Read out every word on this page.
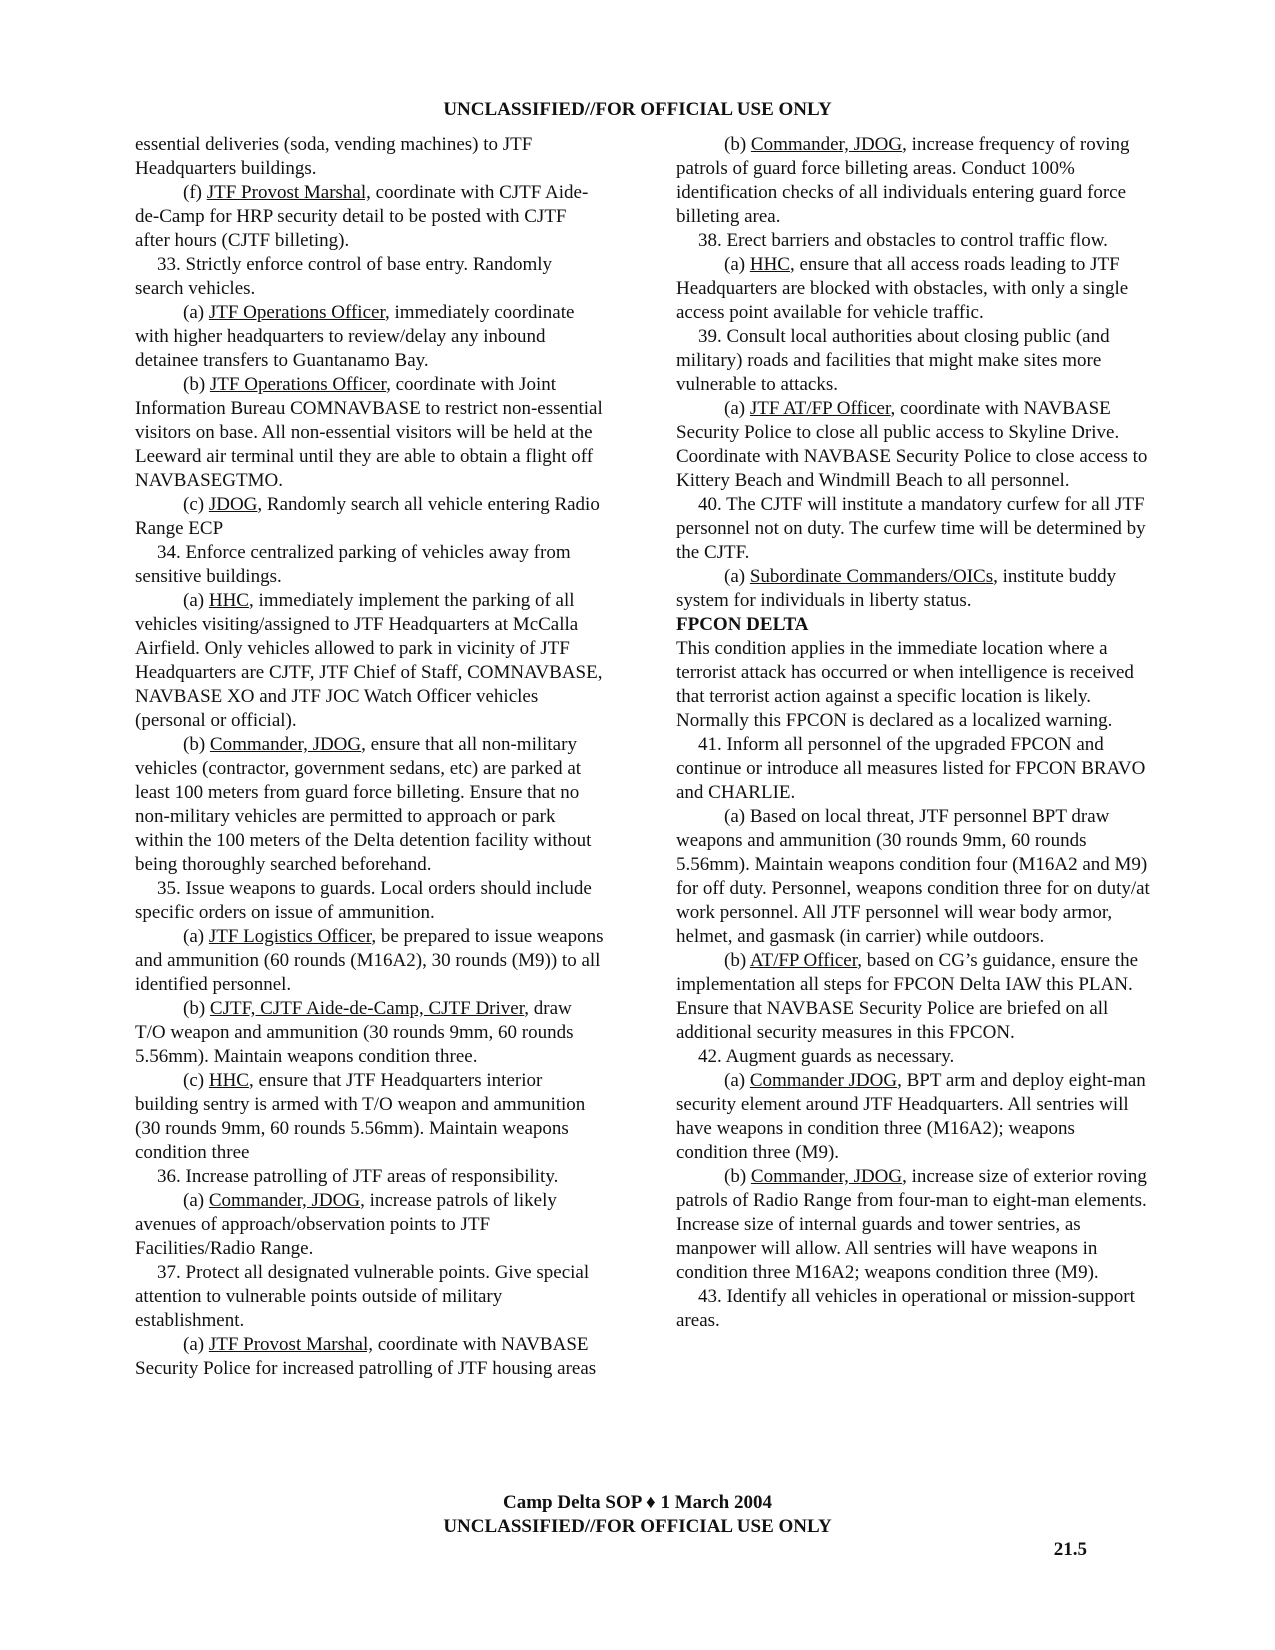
UNCLASSIFIED//FOR OFFICIAL USE ONLY
essential deliveries (soda, vending machines) to JTF Headquarters buildings.
(f) JTF Provost Marshal, coordinate with CJTF Aide-de-Camp for HRP security detail to be posted with CJTF after hours (CJTF billeting).
33. Strictly enforce control of base entry. Randomly search vehicles.
(a) JTF Operations Officer, immediately coordinate with higher headquarters to review/delay any inbound detainee transfers to Guantanamo Bay.
(b) JTF Operations Officer, coordinate with Joint Information Bureau COMNAVBASE to restrict non-essential visitors on base. All non-essential visitors will be held at the Leeward air terminal until they are able to obtain a flight off NAVBASEGTMO.
(c) JDOG, Randomly search all vehicle entering Radio Range ECP
34. Enforce centralized parking of vehicles away from sensitive buildings.
(a) HHC, immediately implement the parking of all vehicles visiting/assigned to JTF Headquarters at McCalla Airfield. Only vehicles allowed to park in vicinity of JTF Headquarters are CJTF, JTF Chief of Staff, COMNAVBASE, NAVBASE XO and JTF JOC Watch Officer vehicles (personal or official).
(b) Commander, JDOG, ensure that all non-military vehicles (contractor, government sedans, etc) are parked at least 100 meters from guard force billeting. Ensure that no non-military vehicles are permitted to approach or park within the 100 meters of the Delta detention facility without being thoroughly searched beforehand.
35. Issue weapons to guards. Local orders should include specific orders on issue of ammunition.
(a) JTF Logistics Officer, be prepared to issue weapons and ammunition (60 rounds (M16A2), 30 rounds (M9)) to all identified personnel.
(b) CJTF, CJTF Aide-de-Camp, CJTF Driver, draw T/O weapon and ammunition (30 rounds 9mm, 60 rounds 5.56mm). Maintain weapons condition three.
(c) HHC, ensure that JTF Headquarters interior building sentry is armed with T/O weapon and ammunition (30 rounds 9mm, 60 rounds 5.56mm). Maintain weapons condition three
36. Increase patrolling of JTF areas of responsibility.
(a) Commander, JDOG, increase patrols of likely avenues of approach/observation points to JTF Facilities/Radio Range.
37. Protect all designated vulnerable points. Give special attention to vulnerable points outside of military establishment.
(a) JTF Provost Marshal, coordinate with NAVBASE Security Police for increased patrolling of JTF housing areas
(b) Commander, JDOG, increase frequency of roving patrols of guard force billeting areas. Conduct 100% identification checks of all individuals entering guard force billeting area.
38. Erect barriers and obstacles to control traffic flow.
(a) HHC, ensure that all access roads leading to JTF Headquarters are blocked with obstacles, with only a single access point available for vehicle traffic.
39. Consult local authorities about closing public (and military) roads and facilities that might make sites more vulnerable to attacks.
(a) JTF AT/FP Officer, coordinate with NAVBASE Security Police to close all public access to Skyline Drive. Coordinate with NAVBASE Security Police to close access to Kittery Beach and Windmill Beach to all personnel.
40. The CJTF will institute a mandatory curfew for all JTF personnel not on duty. The curfew time will be determined by the CJTF.
(a) Subordinate Commanders/OICs, institute buddy system for individuals in liberty status.
FPCON DELTA
This condition applies in the immediate location where a terrorist attack has occurred or when intelligence is received that terrorist action against a specific location is likely. Normally this FPCON is declared as a localized warning.
41. Inform all personnel of the upgraded FPCON and continue or introduce all measures listed for FPCON BRAVO and CHARLIE.
(a) Based on local threat, JTF personnel BPT draw weapons and ammunition (30 rounds 9mm, 60 rounds 5.56mm). Maintain weapons condition four (M16A2 and M9) for off duty. Personnel, weapons condition three for on duty/at work personnel. All JTF personnel will wear body armor, helmet, and gasmask (in carrier) while outdoors.
(b) AT/FP Officer, based on CG’s guidance, ensure the implementation all steps for FPCON Delta IAW this PLAN. Ensure that NAVBASE Security Police are briefed on all additional security measures in this FPCON.
42. Augment guards as necessary.
(a) Commander JDOG, BPT arm and deploy eight-man security element around JTF Headquarters. All sentries will have weapons in condition three (M16A2); weapons condition three (M9).
(b) Commander, JDOG, increase size of exterior roving patrols of Radio Range from four-man to eight-man elements. Increase size of internal guards and tower sentries, as manpower will allow. All sentries will have weapons in condition three M16A2; weapons condition three (M9).
43. Identify all vehicles in operational or mission-support areas.
Camp Delta SOP ♦ 1 March 2004
UNCLASSIFIED//FOR OFFICIAL USE ONLY
21.5
